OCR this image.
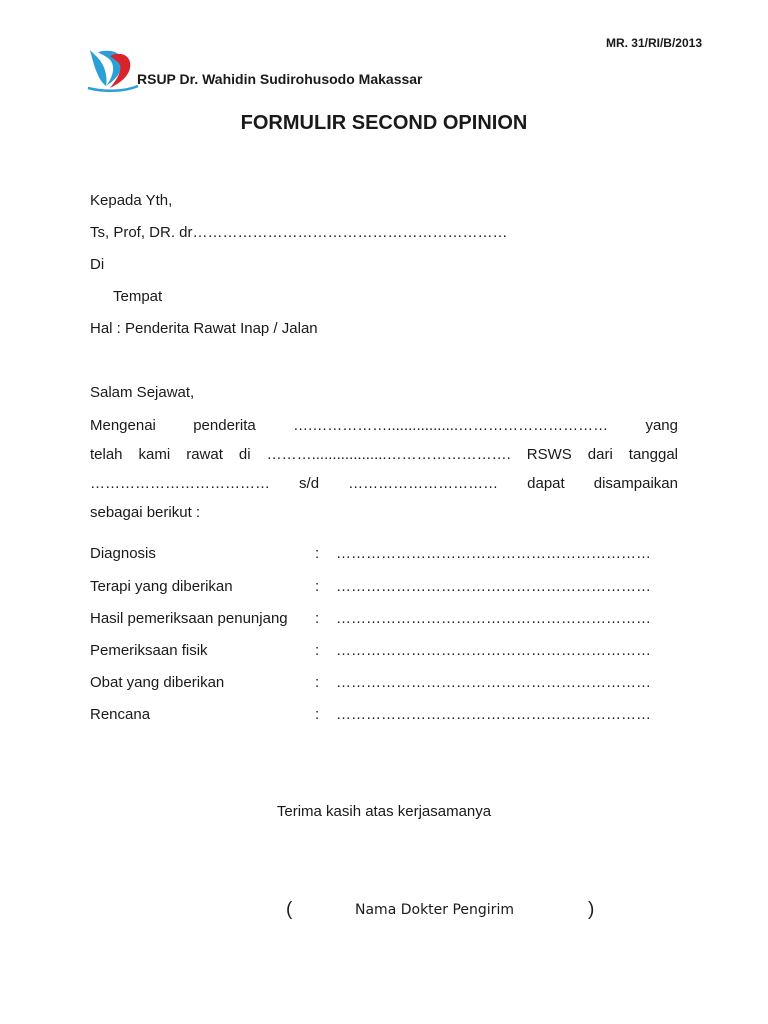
MR. 31/RI/B/2013
RSUP Dr. Wahidin Sudirohusodo Makassar
FORMULIR SECOND OPINION
Kepada Yth,
Ts, Prof, DR. dr………………………………………………………
Di
Tempat
Hal : Penderita Rawat Inap / Jalan
Salam Sejawat,
Mengenai penderita ….…………….................………………………… yang
telah kami rawat di ………..................……………………. RSWS dari tanggal
……………………………… s/d ………………………… dapat disampaikan
sebagai berikut :
Diagnosis	: ………………………………………………………
Terapi yang diberikan	: ………………………………………………………
Hasil pemeriksaan penunjang : ………………………………………………………
Pemeriksaan fisik	: ………………………………………………………
Obat yang diberikan	: ………………………………………………………
Rencana	: ………………………………………………………
Terima kasih atas kerjasamanya
(	Nama Dokter Pengirim	)
